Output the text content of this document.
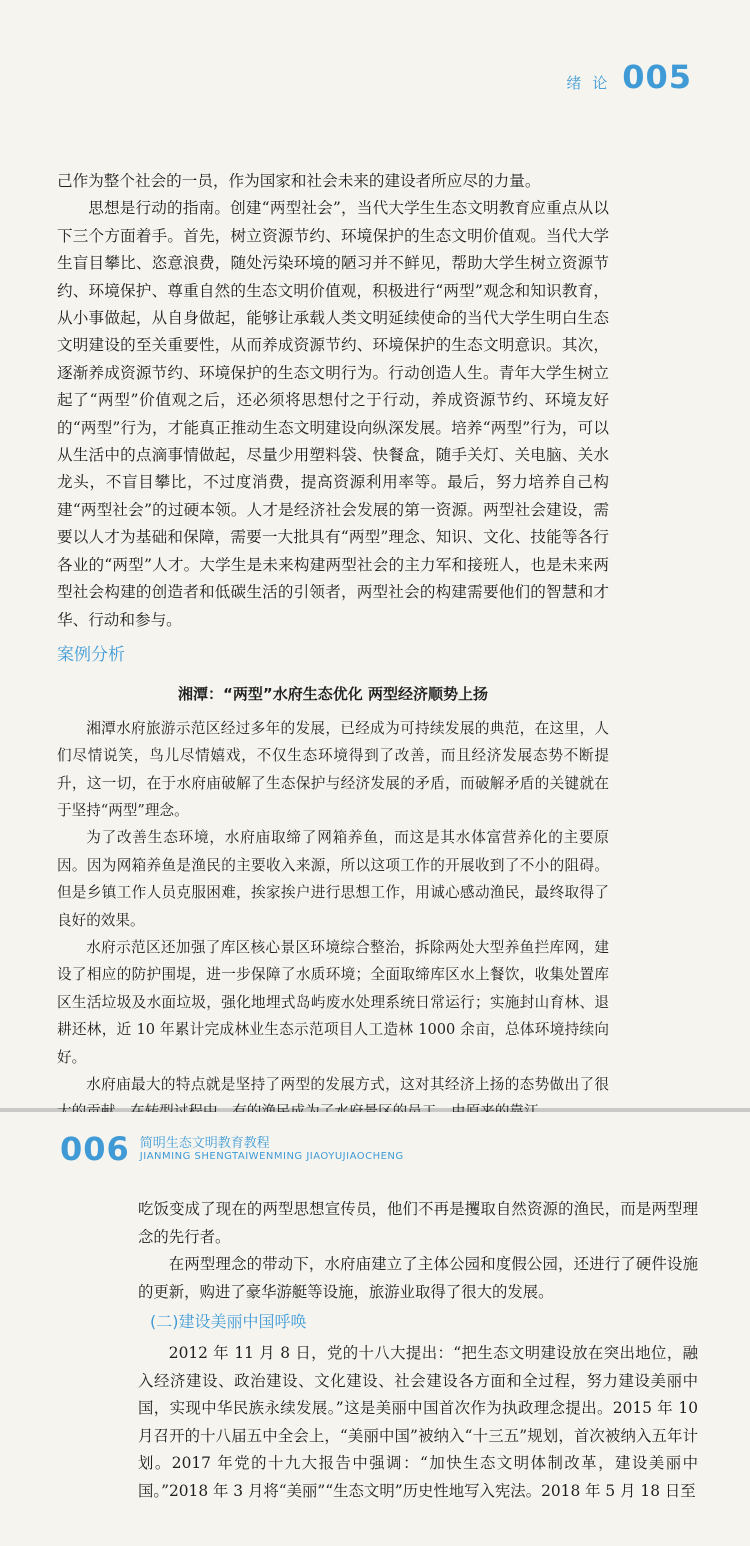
绪 论 005

己作为整个社会的一员，作为国家和社会未来的建设者所应尽的力量。

思想是行动的指南。创建“两型社会”，当代大学生生态文明教育应重点从以下三个方面着手。首先，树立资源节约、环境保护的生态文明价值观。当代大学生盲目攀比、恣意浪费，随处污染环境的陋习并不鲜见，帮助大学生树立资源节约、环境保护、尊重自然的生态文明价值观，积极进行“两型”观念和知识教育，从小事做起，从自身做起，能够让承载人类文明延续使命的当代大学生明白生态文明建设的至关重要性，从而养成资源节约、环境保护的生态文明意识。其次，逐渐养成资源节约、环境保护的生态文明行为。行动创造人生。青年大学生树立起了“两型”价值观之后，还必须将思想付之于行动，养成资源节约、环境友好的“两型”行为，才能真正推动生态文明建设向纵深发展。培养“两型”行为，可以从生活中的点滴事情做起，尽量少用塑料袋、快餐盒，随手关灯、关电脑、关水龙头，不盲目攀比，不过度消费，提高资源利用率等。最后，努力培养自己构建“两型社会”的过硬本领。人才是经济社会发展的第一资源。两型社会建设，需要以人才为基础和保障，需要一大批具有“两型”理念、知识、文化、技能等各行各业的“两型”人才。大学生是未来构建两型社会的主力军和接班人，也是未来两型社会构建的创造者和低碳生活的引领者，两型社会的构建需要他们的智慧和才华、行动和参与。

案例分析

湘潭：“两型”水府生态优化 两型经济顺势上扬

湘潭水府旅游示范区经过多年的发展，已经成为可持续发展的典范，在这里，人们尽情说笑，鸟儿尽情嬉戏，不仅生态环境得到了改善，而且经济发展态势不断提升，这一切，在于水府庙破解了生态保护与经济发展的矛盾，而破解矛盾的关键就在于坚持“两型”理念。

为了改善生态环境，水府庙取缔了网箱养鱼，而这是其水体富营养化的主要原因。因为网箱养鱼是渔民的主要收入来源，所以这项工作的开展收到了不小的阻碍。但是乡镇工作人员克服困难，挨家挨户进行思想工作，用诚心感动渔民，最终取得了良好的效果。

水府示范区还加强了库区核心景区环境综合整治，拆除两处大型养鱼拦库网，建设了相应的防护围堤，进一步保障了水质环境；全面取缔库区水上餐饮，收集处置库区生活垃圾及水面垃圾，强化地埋式岛屿废水处理系统日常运行；实施封山育林、退耕还林，近 10 年累计完成林业生态示范项目人工造林 1000 余亩，总体环境持续向好。

水府庙最大的特点就是坚持了两型的发展方式，这对其经济上扬的态势做出了很

006 简明生态文明教育教程
JIANMING SHENGTAIWENMING JIAOYUJIAOCHENG

吃饭变成了现在的两型思想宣传员，他们不再是攫取自然资源的渔民，而是两型理念的先行者。

在两型理念的带动下，水府庙建立了主体公园和度假公园，还进行了硬件设施的更新，购进了豪华游艇等设施，旅游业取得了很大的发展。

(二)建设美丽中国呼唤

2012 年 11 月 8 日，党的十八大提出：“把生态文明建设放在突出地位，融入经济建设、政治建设、文化建设、社会建设各方面和全过程，努力建设美丽中国，实现中华民族永续发展。”这是美丽中国首次作为执政理念提出。2015 年 10 月召开的十八届五中全会上，“美丽中国”被纳入“十三五”规划，首次被纳入五年计划。2017 年党的十九大报告中强调：“加快生态文明体制改革，建设美丽中国。”2018 年 3 月将“美丽”“生态文明”历史性地写入宪法。2018 年 5 月 18 日至
